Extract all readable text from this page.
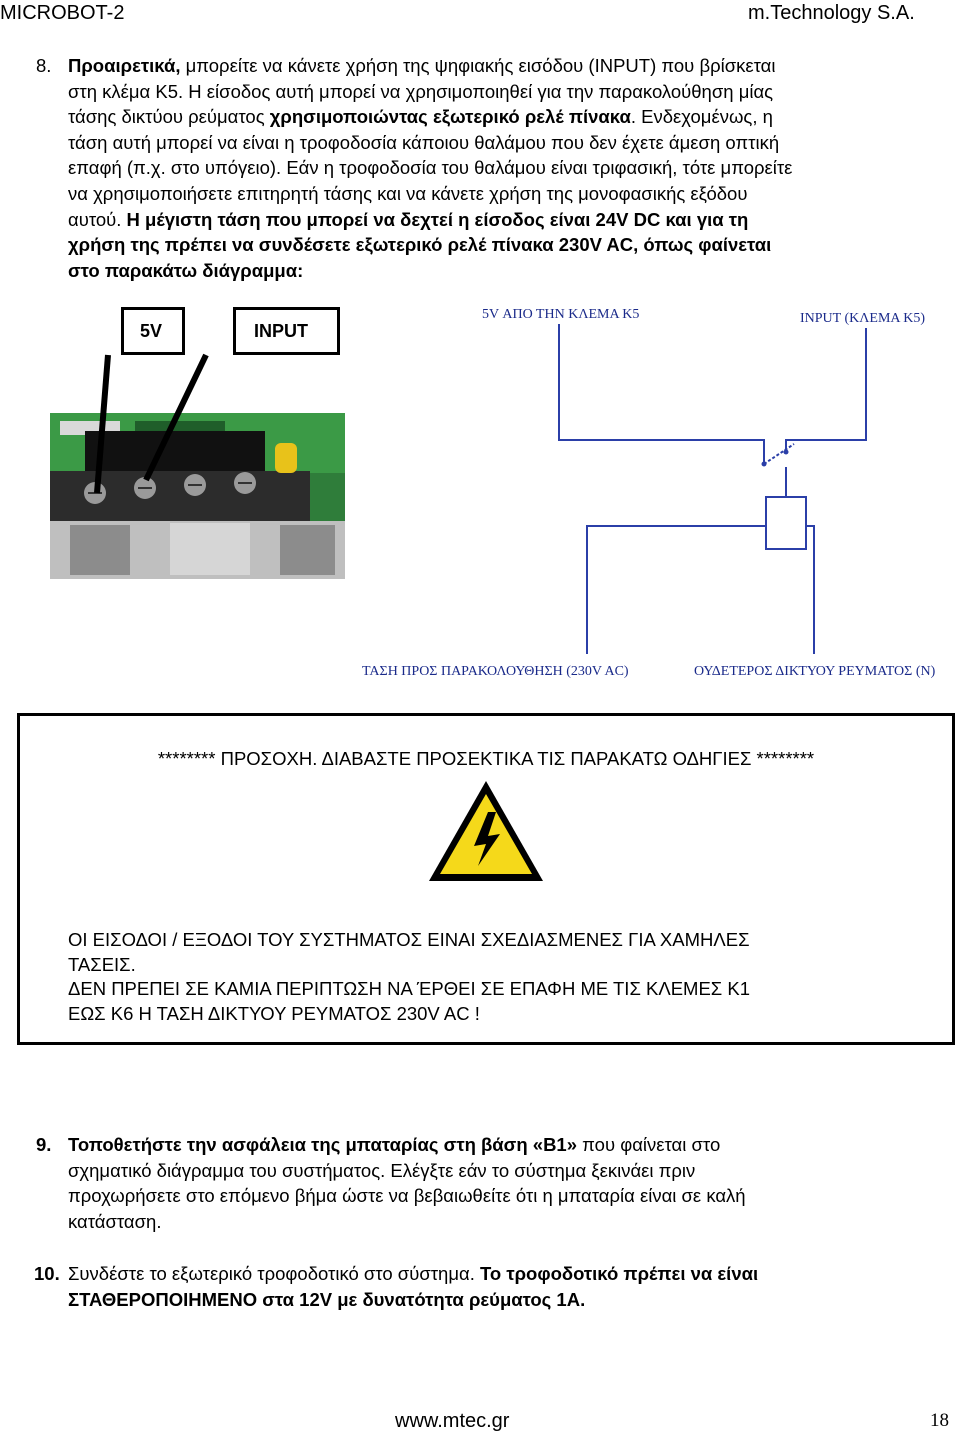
MICROBOT-2	m.Technology S.A.
8. Προαιρετικά, μπορείτε να κάνετε χρήση της ψηφιακής εισόδου (INPUT) που βρίσκεται
στη κλέμα K5. Η είσοδος αυτή μπορεί να χρησιμοποιηθεί για την παρακολούθηση μίας
τάσης δικτύου ρεύματος χρησιμοποιώντας εξωτερικό ρελέ πίνακα. Ενδεχομένως, η
τάση αυτή μπορεί να είναι η τροφοδοσία κάποιου θαλάμου που δεν έχετε άμεση οπτική
επαφή (π.χ. στο υπόγειο). Εάν η τροφοδοσία του θαλάμου είναι τριφασική, τότε μπορείτε
να χρησιμοποιήσετε επιτηρητή τάσης και να κάνετε χρήση της μονοφασικής εξόδου
αυτού. Η μέγιστη τάση που μπορεί να δεχτεί η είσοδος είναι 24V DC και για τη
χρήση της πρέπει να συνδέσετε εξωτερικό ρελέ πίνακα 230V AC, όπως φαίνεται
στο παρακάτω διάγραμμα:
5V	INPUT
5V ΑΠΟ ΤΗΝ ΚΛΕΜΑ K5	INPUT (ΚΛΕΜΑ K5)
ΤΑΣΗ ΠΡΟΣ ΠΑΡΑΚΟΛΟΥΘΗΣΗ (230V AC)	ΟΥΔΕΤΕΡΟΣ ΔΙΚΤΥΟΥ ΡΕΥΜΑΤΟΣ (N)
******** ΠΡΟΣΟΧΗ. ΔΙΑΒΑΣΤΕ ΠΡΟΣΕΚΤΙΚΑ ΤΙΣ ΠΑΡΑΚΑΤΩ ΟΔΗΓΙΕΣ ********
ΟΙ ΕΙΣΟΔΟΙ / ΕΞΟΔΟΙ ΤΟΥ ΣΥΣΤΗΜΑΤΟΣ ΕΙΝΑΙ ΣΧΕΔΙΑΣΜΕΝΕΣ ΓΙΑ ΧΑΜΗΛΕΣ
ΤΑΣΕΙΣ.
ΔΕΝ ΠΡΕΠΕΙ ΣΕ ΚΑΜΙΑ ΠΕΡΙΠΤΩΣΗ ΝΑ ΈΡΘΕΙ ΣΕ ΕΠΑΦΗ ΜΕ ΤΙΣ ΚΛΕΜΕΣ Κ1
ΕΩΣ Κ6 Η ΤΑΣΗ ΔΙΚΤΥΟΥ ΡΕΥΜΑΤΟΣ 230V AC !
9. Τοποθετήστε την ασφάλεια της μπαταρίας στη βάση «B1» που φαίνεται στο
σχηματικό διάγραμμα του συστήματος. Ελέγξτε εάν το σύστημα ξεκινάει πριν
προχωρήσετε στο επόμενο βήμα ώστε να βεβαιωθείτε ότι η μπαταρία είναι σε καλή
κατάσταση.
10. Συνδέστε το εξωτερικό τροφοδοτικό στο σύστημα. Το τροφοδοτικό πρέπει να είναι
ΣΤΑΘΕΡΟΠΟΙΗΜΕΝΟ στα 12V με δυνατότητα ρεύματος 1A.
www.mtec.gr	18
